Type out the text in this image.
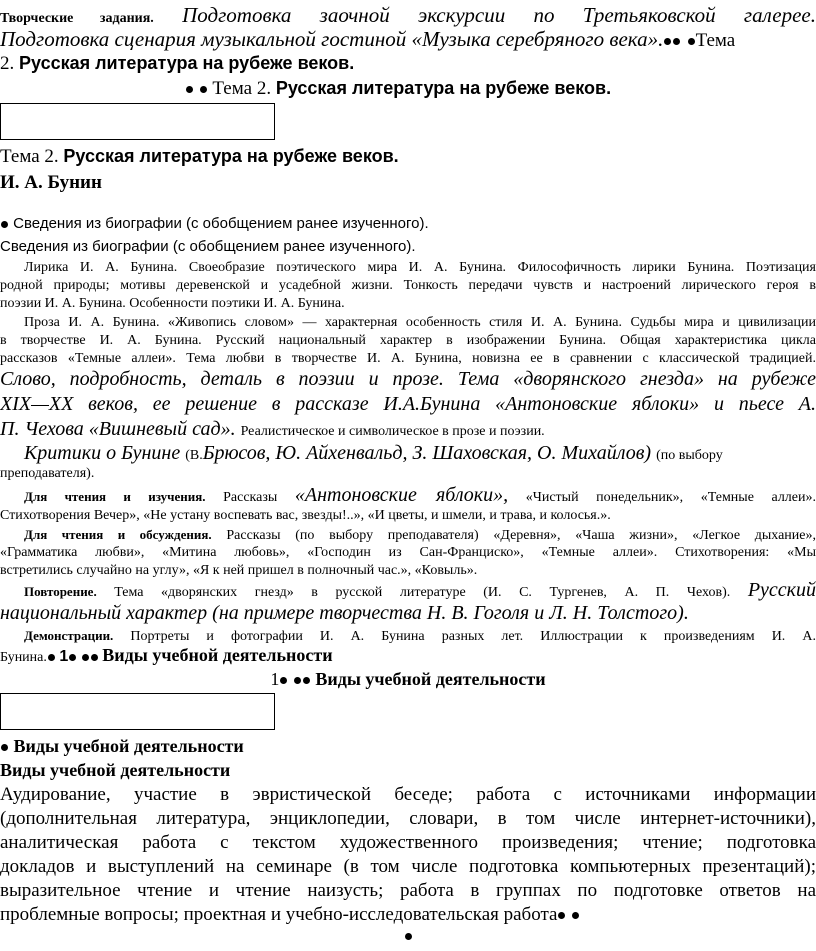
Творческие задания. Подготовка заочной экскурсии по Третьяковской галерее.
Подготовка сценария музыкальной гостиной «Музыка серебряного века». Тема
2. Русская литература на рубеже веков.
Тема 2. Русская литература на рубеже веков.
Тема 2. Русская литература на рубеже веков.
И. А. Бунин
Сведения из биографии (с обобщением ранее изученного).
Сведения из биографии (с обобщением ранее изученного).
Лирика И. А. Бунина. Своеобразие поэтического мира И. А. Бунина. Философичность лирики Бунина. Поэтизация
родной природы; мотивы деревенской и усадебной жизни. Тонкость передачи чувств и настроений лирического героя в
поэзии И. А. Бунина. Особенности поэтики И. А. Бунина.
Проза И. А. Бунина. «Живопись словом» — характерная особенность стиля И. А. Бунина. Судьбы мира и цивилизации
в творчестве И. А. Бунина. Русский национальный характер в изображении Бунина. Общая характеристика цикла
рассказов «Темные аллеи». Тема любви в творчестве И. А. Бунина, новизна ее в сравнении с классической традицией.
Слово, подробность, деталь в поэзии и прозе. Тема «дворянского гнезда» на рубеже
XIX—XX веков, ее решение в рассказе И.А.Бунина «Антоновские яблоки» и пьесе А.
П. Чехова «Вишневый сад». Реалистическое и символическое в прозе и поэзии.
Критики о Бунине (В.Брюсов, Ю. Айхенвальд, З. Шаховская, О. Михайлов) (по выбору
преподавателя).
Для чтения и изучения. Рассказы «Антоновские яблоки», «Чистый понедельник», «Темные аллеи».
Стихотворения Вечер», «Не устану воспевать вас, звезды!..», «И цветы, и шмели, и трава, и колосья.».
Для чтения и обсуждения. Рассказы (по выбору преподавателя) «Деревня», «Чаша жизни», «Легкое дыхание»,
«Грамматика любви», «Митина любовь», «Господин из Сан-Франциско», «Темные аллеи». Стихотворения: «Мы
встретились случайно на углу», «Я к ней пришел в полночный час.», «Ковыль».
Повторение. Тема «дворянских гнезд» в русской литературе (И. С. Тургенев, А. П. Чехов). Русский
национальный характер (на примере творчества Н. В. Гоголя и Л. Н. Толстого).
Демонстрации. Портреты и фотографии И. А. Бунина разных лет. Иллюстрации к произведениям И. А.
Бунина. 1 Виды учебной деятельности
1 Виды учебной деятельности
Виды учебной деятельности
Виды учебной деятельности
Аудирование, участие в эвристической беседе; работа с источниками информации
(дополнительная литература, энциклопедии, словари, в том числе интернет-источники),
аналитическая работа с текстом художественного произведения; чтение; подготовка
докладов и выступлений на семинаре (в том числе подготовка компьютерных презентаций);
выразительное чтение и чтение наизусть; работа в группах по подготовке ответов на
проблемные вопросы; проектная и учебно-исследовательская работа
